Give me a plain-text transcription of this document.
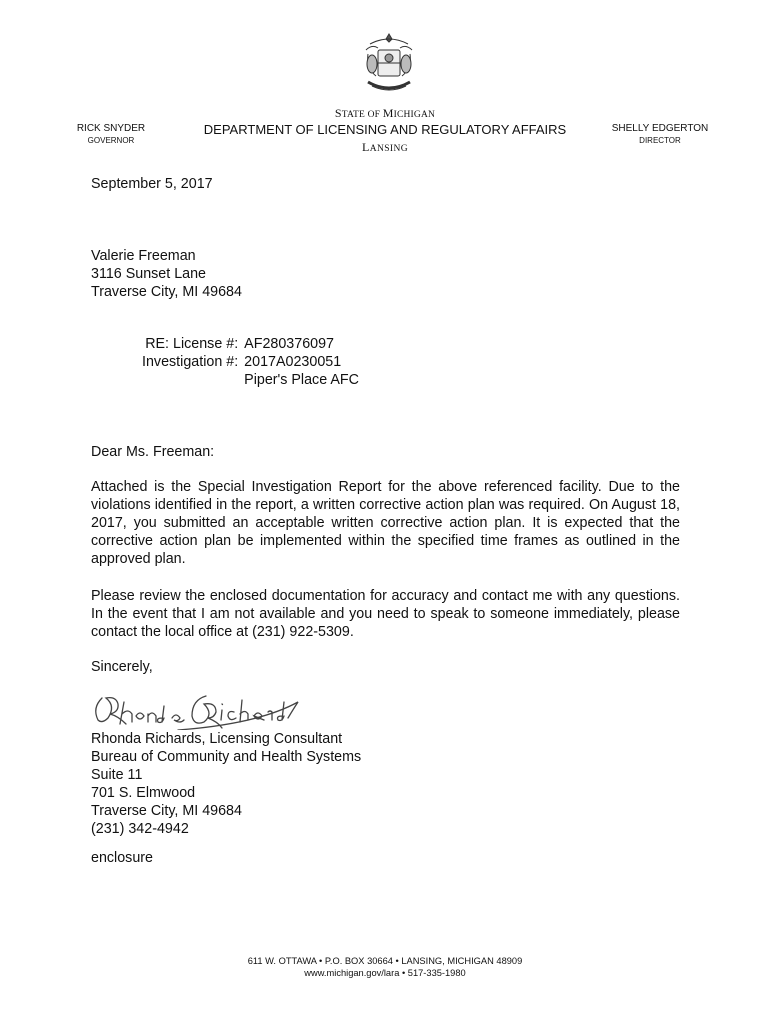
STATE OF MICHIGAN
DEPARTMENT OF LICENSING AND REGULATORY AFFAIRS
LANSING
RICK SNYDER
GOVERNOR
SHELLY EDGERTON
DIRECTOR
September 5, 2017
Valerie Freeman
3116 Sunset Lane
Traverse City, MI 49684
RE: License #:	AF280376097
Investigation #:	2017A0230051
	Piper's Place AFC
Dear Ms. Freeman:
Attached is the Special Investigation Report for the above referenced facility. Due to the violations identified in the report, a written corrective action plan was required. On August 18, 2017, you submitted an acceptable written corrective action plan. It is expected that the corrective action plan be implemented within the specified time frames as outlined in the approved plan.
Please review the enclosed documentation for accuracy and contact me with any questions. In the event that I am not available and you need to speak to someone immediately, please contact the local office at (231) 922-5309.
Sincerely,
Rhonda Richards, Licensing Consultant
Bureau of Community and Health Systems
Suite 11
701 S. Elmwood
Traverse City, MI 49684
(231) 342-4942
enclosure
611 W. OTTAWA • P.O. BOX 30664 • LANSING, MICHIGAN 48909
www.michigan.gov/lara • 517-335-1980
